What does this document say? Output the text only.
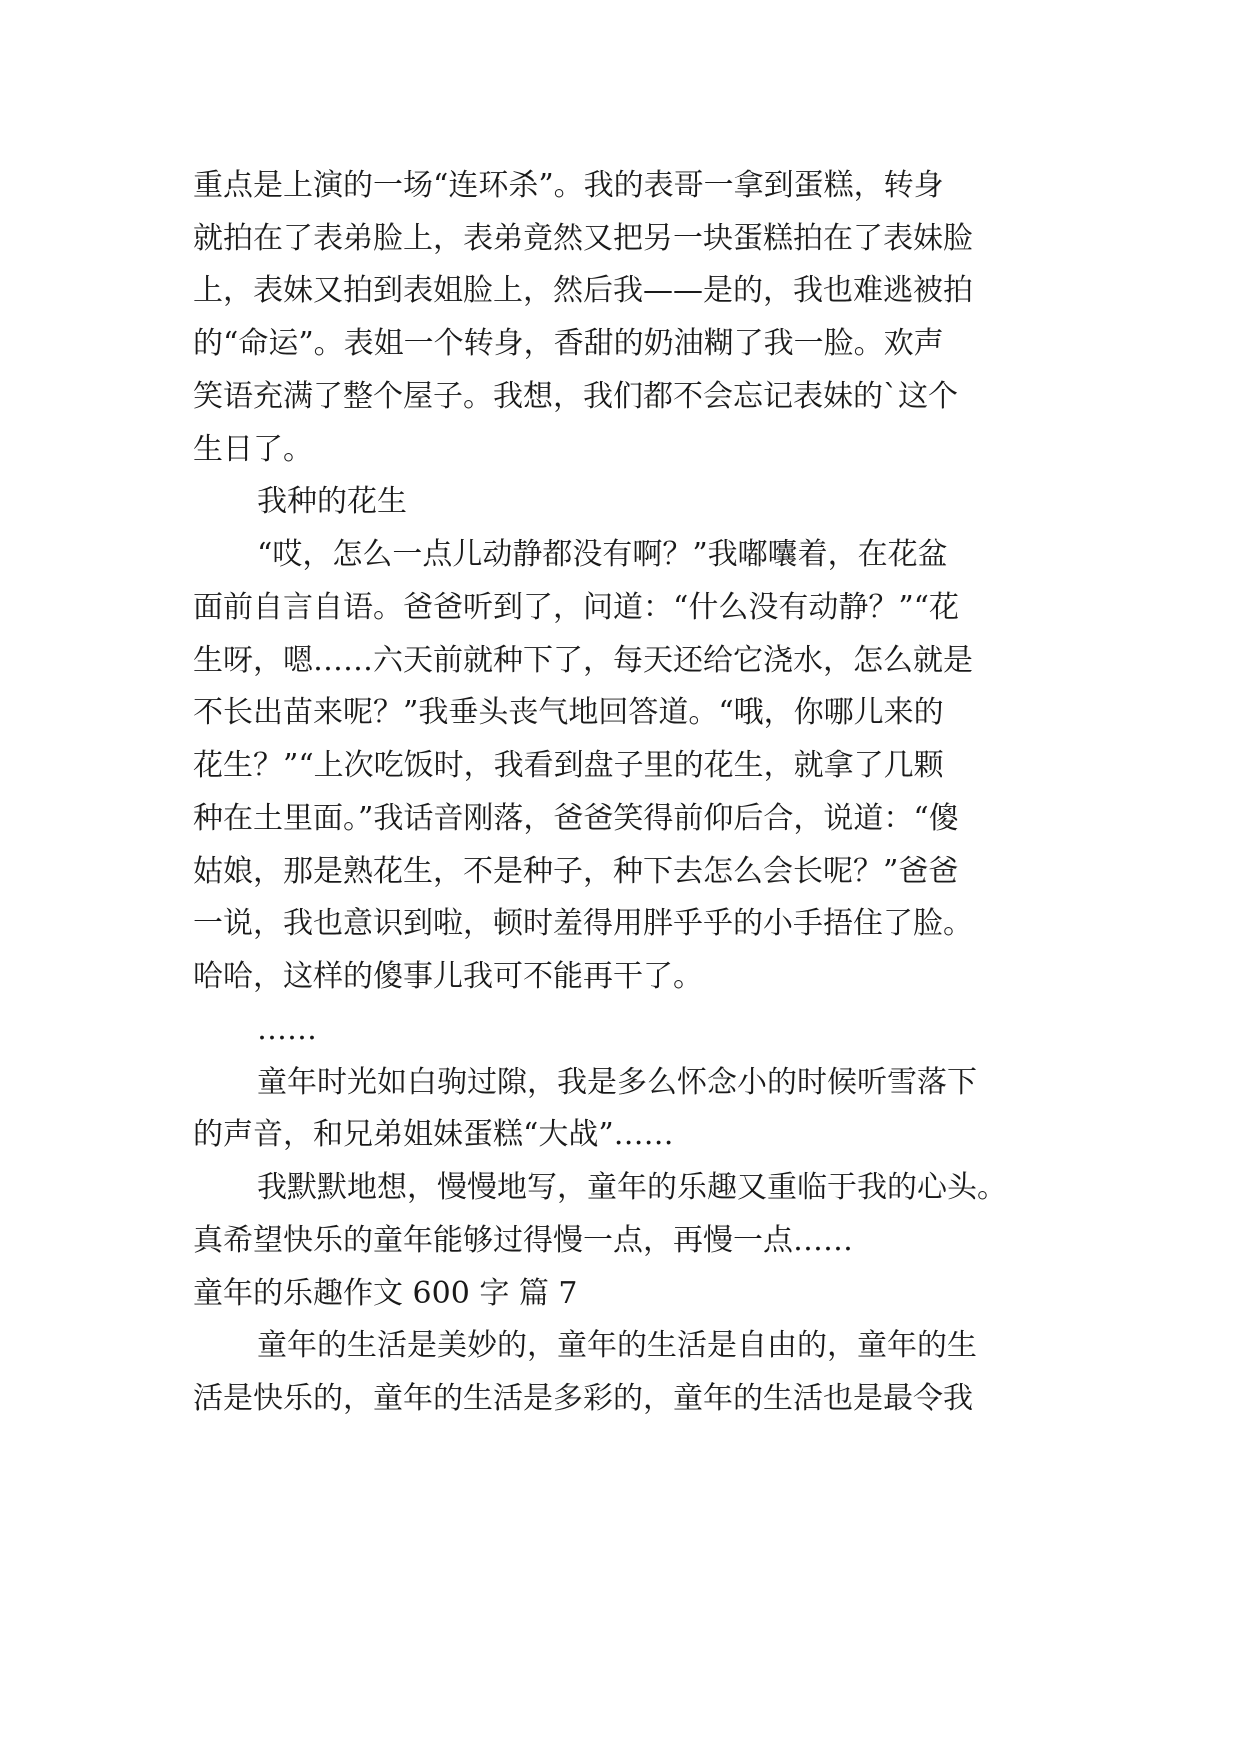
重点是上演的一场“连环杀”。我的表哥一拿到蛋糕，转身
就拍在了表弟脸上，表弟竟然又把另一块蛋糕拍在了表妹脸
上，表妹又拍到表姐脸上，然后我——是的，我也难逃被拍
的“命运”。表姐一个转身，香甜的奶油糊了我一脸。欢声
笑语充满了整个屋子。我想，我们都不会忘记表妹的`这个
生日了。
我种的花生
“哎，怎么一点儿动静都没有啊？”我嘟囔着，在花盆
面前自言自语。爸爸听到了，问道：“什么没有动静？”“花
生呀，嗯……六天前就种下了，每天还给它浇水，怎么就是
不长出苗来呢？”我垂头丧气地回答道。“哦，你哪儿来的
花生？”“上次吃饭时，我看到盘子里的花生，就拿了几颗
种在土里面。”我话音刚落，爸爸笑得前仰后合，说道：“傻
姑娘，那是熟花生，不是种子，种下去怎么会长呢？”爸爸
一说，我也意识到啦，顿时羞得用胖乎乎的小手捂住了脸。
哈哈，这样的傻事儿我可不能再干了。
……
童年时光如白驹过隙，我是多么怀念小的时候听雪落下
的声音，和兄弟姐妹蛋糕“大战”……
我默默地想，慢慢地写，童年的乐趣又重临于我的心头。
真希望快乐的童年能够过得慢一点，再慢一点……
童年的乐趣作文 600 字 篇 7
童年的生活是美妙的，童年的生活是自由的，童年的生
活是快乐的，童年的生活是多彩的，童年的生活也是最令我
